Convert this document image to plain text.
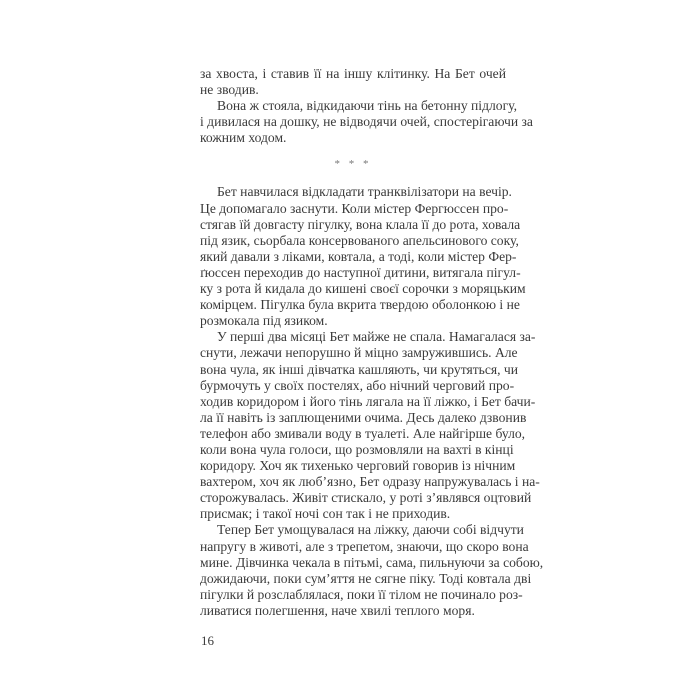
за хвоста, і ставив її на іншу клітинку. На Бет очей
не зводив.
Вона ж стояла, відкидаючи тінь на бетонну підлогу,
і дивилася на дошку, не відводячи очей, спостерігаючи за
кожним ходом.
* * *
Бет навчилася відкладати транквілізатори на вечір.
Це допомагало заснути. Коли містер Фергюссен про-
стягав їй довгасту пігулку, вона клала її до рота, ховала
під язик, сьорбала консервованого апельсинового соку,
який давали з ліками, ковтала, а тоді, коли містер Фер-
ґюссен переходив до наступної дитини, витягала пігул-
ку з рота й кидала до кишені своєї сорочки з моряцьким
комірцем. Пігулка була вкрита твердою оболонкою і не
розмокала під язиком.
У перші два місяці Бет майже не спала. Намагалася за-
снути, лежачи непорушно й міцно замружившись. Але
вона чула, як інші дівчатка кашляють, чи крутяться, чи
бурмочуть у своїх постелях, або нічний черговий про-
ходив коридором і його тінь лягала на її ліжко, і Бет бачи-
ла її навіть із заплющеними очима. Десь далеко дзвонив
телефон або змивали воду в туалеті. Але найгірше було,
коли вона чула голоси, що розмовляли на вахті в кінці
коридору. Хоч як тихенько черговий говорив із нічним
вахтером, хоч як люб’язно, Бет одразу напружувалась і на-
сторожувалась. Живіт стискало, у роті з’являвся оцтовий
присмак; і такої ночі сон так і не приходив.
Тепер Бет умощувалася на ліжку, даючи собі відчути
напругу в животі, але з трепетом, знаючи, що скоро вона
мине. Дівчинка чекала в пітьмі, сама, пильнуючи за собою,
дожидаючи, поки сум’яття не сягне піку. Тоді ковтала дві
пігулки й розслаблялася, поки її тілом не починало роз-
ливатися полегшення, наче хвилі теплого моря.
16
